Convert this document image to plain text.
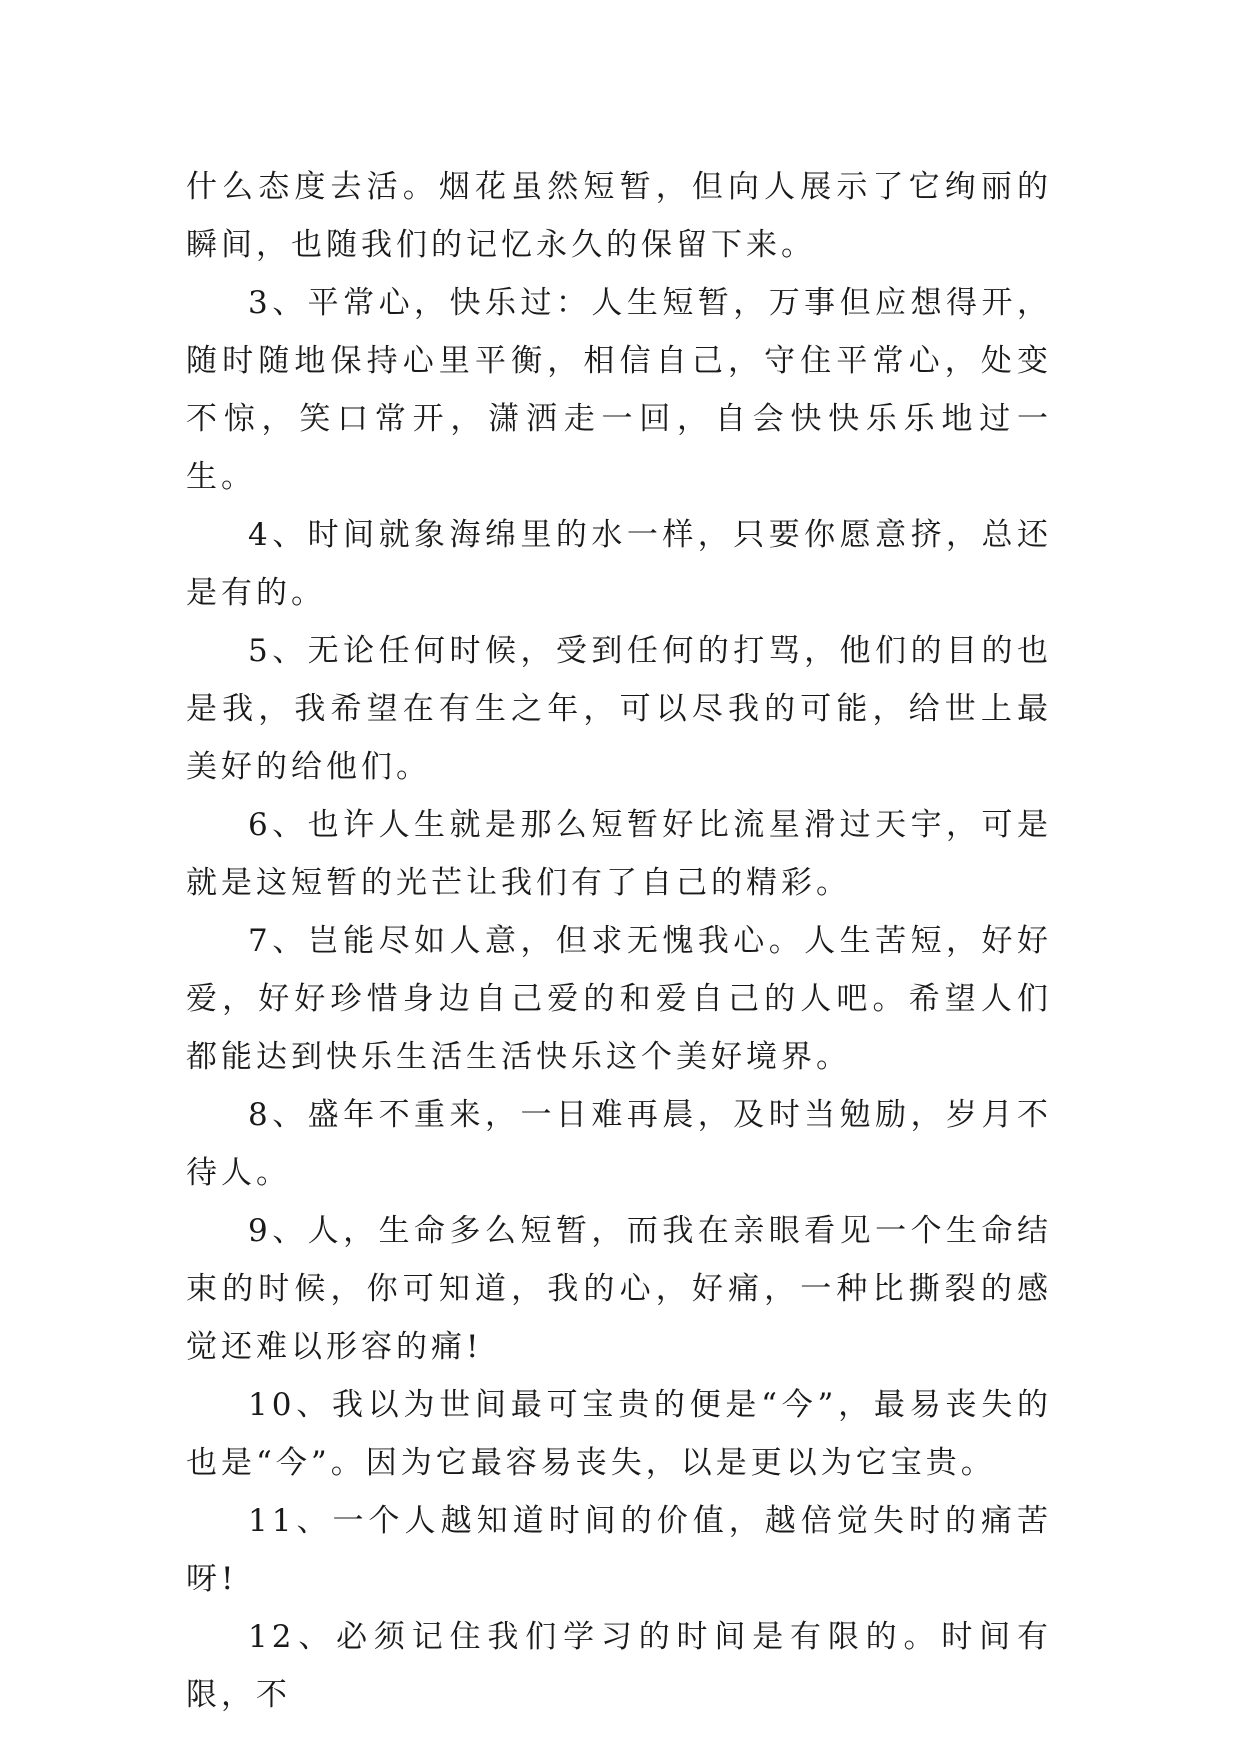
什么态度去活。烟花虽然短暂，但向人展示了它绚丽的瞬间，也随我们的记忆永久的保留下来。

3、平常心，快乐过：人生短暂，万事但应想得开，随时随地保持心里平衡，相信自己，守住平常心，处变不惊，笑口常开，潇洒走一回，自会快快乐乐地过一生。

4、时间就象海绵里的水一样，只要你愿意挤，总还是有的。

5、无论任何时候，受到任何的打骂，他们的目的也是我，我希望在有生之年，可以尽我的可能，给世上最美好的给他们。

6、也许人生就是那么短暂好比流星滑过天宇，可是就是这短暂的光芒让我们有了自己的精彩。

7、岂能尽如人意，但求无愧我心。人生苦短，好好爱，好好珍惜身边自己爱的和爱自己的人吧。希望人们都能达到快乐生活生活快乐这个美好境界。

8、盛年不重来，一日难再晨，及时当勉励，岁月不待人。

9、人，生命多么短暂，而我在亲眼看见一个生命结束的时候，你可知道，我的心，好痛，一种比撕裂的感觉还难以形容的痛!

10、我以为世间最可宝贵的便是“今”，最易丧失的也是“今”。因为它最容易丧失，以是更以为它宝贵。

11、一个人越知道时间的价值，越倍觉失时的痛苦呀!

12、必须记住我们学习的时间是有限的。时间有限，不
